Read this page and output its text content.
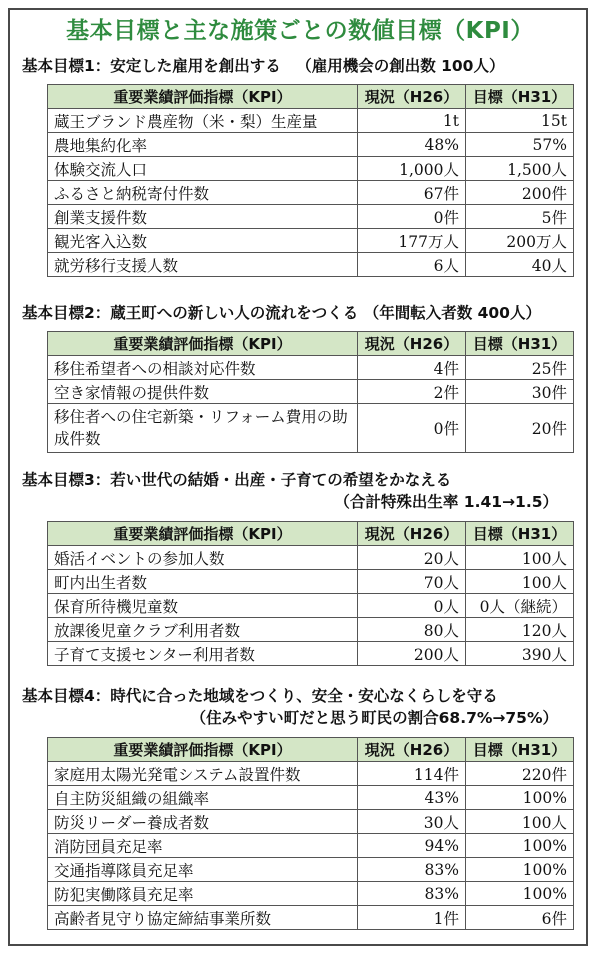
基本目標と主な施策ごとの数値目標（KPI）
基本目標1：安定した雇用を創出する （雇用機会の創出数 100人）
重要業績評価指標（KPI）	現況（H26）	目標（H31）
蔵王ブランド農産物（米・梨）生産量	1t	15t
農地集約化率	48%	57%
体験交流人口	1,000人	1,500人
ふるさと納税寄付件数	67件	200件
創業支援件数	0件	5件
観光客入込数	177万人	200万人
就労移行支援人数	6人	40人
基本目標2：蔵王町への新しい人の流れをつくる （年間転入者数 400人）
重要業績評価指標（KPI）	現況（H26）	目標（H31）
移住希望者への相談対応件数	4件	25件
空き家情報の提供件数	2件	30件
移住者への住宅新築・リフォーム費用の助成件数	0件	20件
基本目標3：若い世代の結婚・出産・子育ての希望をかなえる
（合計特殊出生率 1.41→1.5）
重要業績評価指標（KPI）	現況（H26）	目標（H31）
婚活イベントの参加人数	20人	100人
町内出生者数	70人	100人
保育所待機児童数	0人	0人（継続）
放課後児童クラブ利用者数	80人	120人
子育て支援センター利用者数	200人	390人
基本目標4：時代に合った地域をつくり、安全・安心なくらしを守る
（住みやすい町だと思う町民の割合68.7%→75%）
重要業績評価指標（KPI）	現況（H26）	目標（H31）
家庭用太陽光発電システム設置件数	114件	220件
自主防災組織の組織率	43%	100%
防災リーダー養成者数	30人	100人
消防団員充足率	94%	100%
交通指導隊員充足率	83%	100%
防犯実働隊員充足率	83%	100%
高齢者見守り協定締結事業所数	1件	6件
